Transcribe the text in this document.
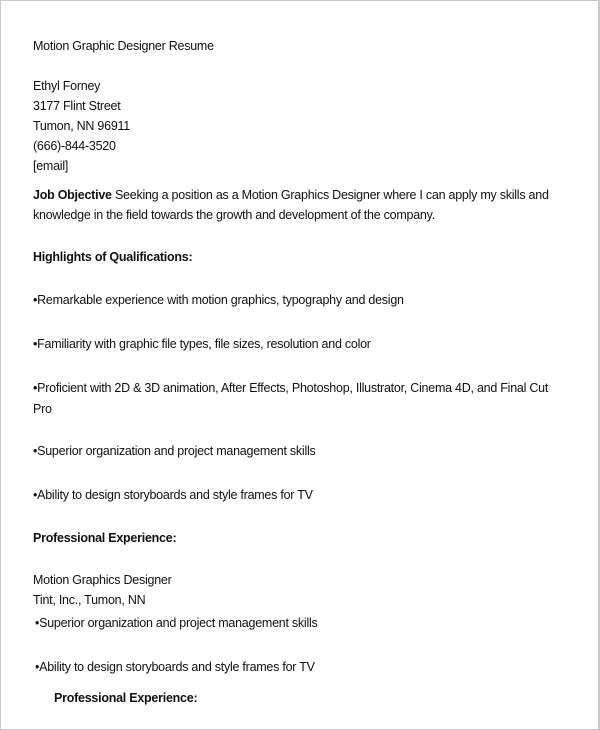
Motion Graphic Designer Resume
Ethyl Forney
3177 Flint Street
Tumon, NN 96911
(666)-844-3520
[email]
Job Objective Seeking a position as a Motion Graphics Designer where I can apply my skills and knowledge in the field towards the growth and development of the company.
Highlights of Qualifications:
•Remarkable experience with motion graphics, typography and design
•Familiarity with graphic file types, file sizes, resolution and color
•Proficient with 2D & 3D animation, After Effects, Photoshop, Illustrator, Cinema 4D, and Final Cut
Pro
•Superior organization and project management skills
•Ability to design storyboards and style frames for TV
Professional Experience:
Motion Graphics Designer
Tint, Inc., Tumon, NN
•Superior organization and project management skills
•Ability to design storyboards and style frames for TV
Professional Experience:
